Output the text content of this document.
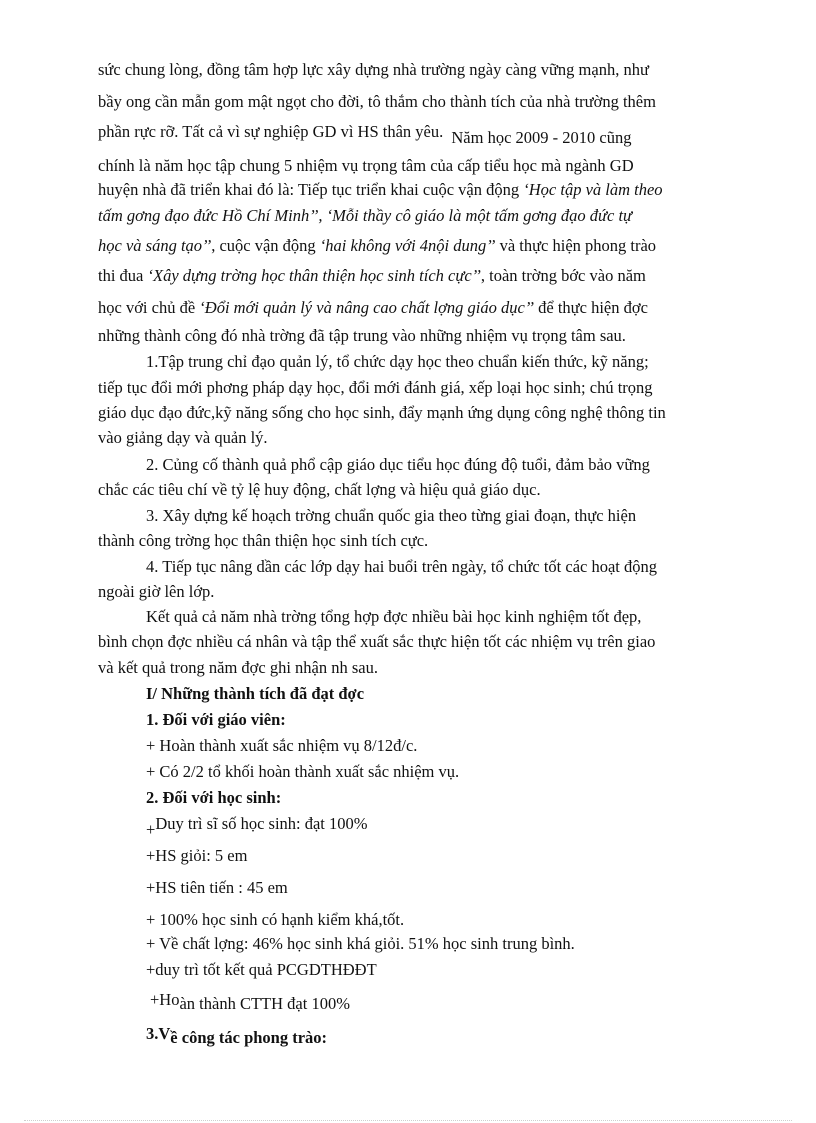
sức chung lòng, đồng tâm hợp lực xây dựng nhà trường ngày càng vững mạnh, như
bầy ong cần mẫn gom mật ngọt cho đời, tô thắm cho thành tích của nhà trường thêm
phần rực rỡ. Tất cả vì sự nghiệp GD vì HS thân yêu. Năm học 2009 - 2010 cũng
chính là năm học tập chung 5 nhiệm vụ trọng tâm của cấp tiểu học mà ngành GD
huyện nhà đã triển khai đó là: Tiếp tục triển khai cuộc vận động ‘Học tập và làm theo
tấm gơng đạo đức Hồ Chí Minh’’, ‘Mỗi thầy cô giáo là một tấm gơng đạo đức tự
học và sáng tạo’’, cuộc vận động ‘hai không với 4nội dung’’ và thực hiện phong trào
thi đua ‘Xây dựng trờng học thân thiện học sinh tích cực’’, toàn trờng bớc vào năm
học với chủ đề ‘Đổi mới quản lý và nâng cao chất lợng giáo dục’’ để thực hiện đợc
những thành công đó nhà trờng đã tập trung vào những nhiệm vụ trọng tâm sau.
1.Tập trung chỉ đạo quản lý, tổ chức dạy học theo chuẩn kiến thức, kỹ năng;
tiếp tục đổi mới phơng pháp dạy học, đổi mới đánh giá, xếp loại học sinh; chú trọng
giáo dục đạo đức,kỹ năng sống cho học sinh, đẩy mạnh ứng dụng công nghệ thông tin
vào giảng dạy và quản lý.
2. Củng cố thành quả phổ cập giáo dục tiểu học đúng độ tuổi, đảm bảo vững
chắc các tiêu chí về tỷ lệ huy động, chất lợng và hiệu quả giáo dục.
3. Xây dựng kế hoạch trờng chuẩn quốc gia theo từng giai đoạn, thực hiện
thành công trờng học thân thiện học sinh tích cực.
4. Tiếp tục nâng dần các lớp dạy hai buổi trên ngày, tổ chức tốt các hoạt động
ngoài giờ lên lớp.
Kết quả cả năm nhà trờng tổng hợp đợc nhiều bài học kinh nghiệm tốt đẹp,
bình chọn đợc nhiều cá nhân và tập thể xuất sắc thực hiện tốt các nhiệm vụ trên giao
và kết quả trong năm đợc ghi nhận nh sau.
I/ Những thành tích đã đạt đợc
1. Đối với giáo viên:
+ Hoàn thành xuất sắc nhiệm vụ 8/12đ/c.
+ Có 2/2 tổ khối hoàn thành xuất sắc nhiệm vụ.
2. Đối với học sinh:
+Duy trì sĩ số học sinh: đạt 100%
+HS giỏi: 5 em
+HS tiên tiến : 45 em
+ 100% học sinh có hạnh kiểm khá,tốt.
+ Về chất lợng: 46% học sinh khá giỏi. 51% học sinh trung bình.
+duy trì tốt kết quả PCGDTHĐĐT
+Hoàn thành CTTH đạt 100%
3.Về công tác phong trào:
